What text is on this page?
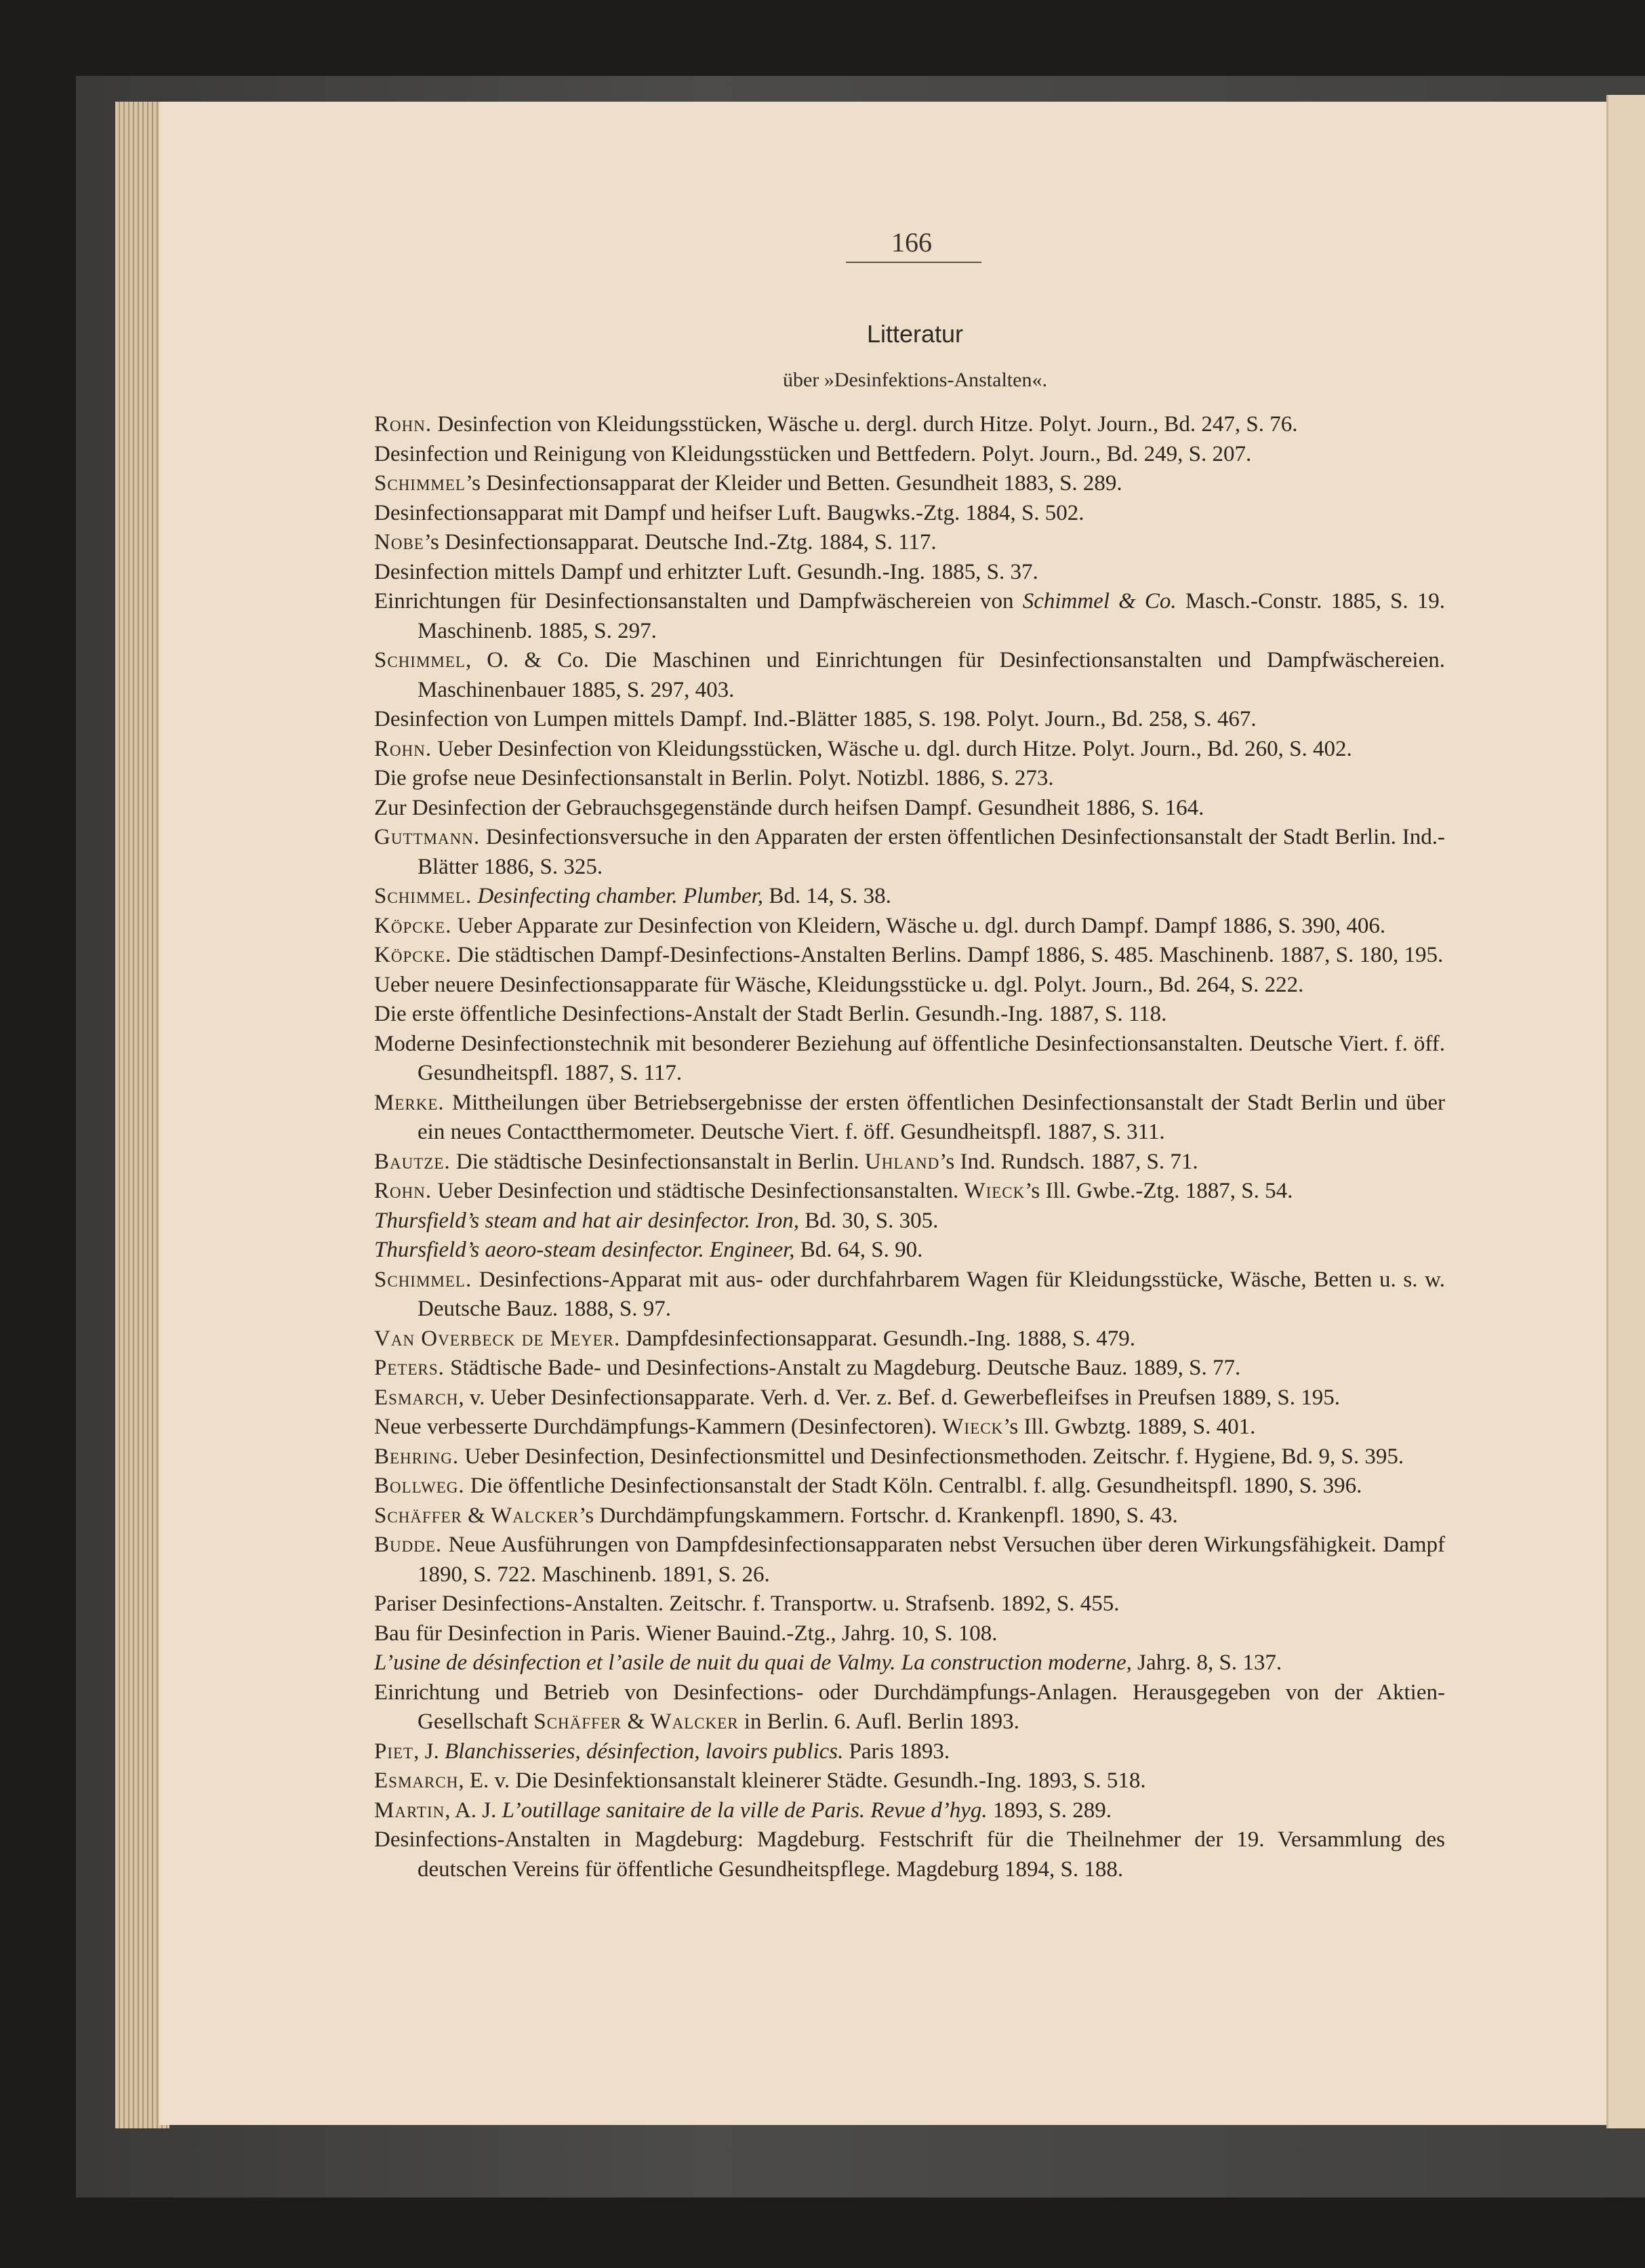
166
Litteratur
über »Desinfektions-Anstalten«.

Rohn. Desinfection von Kleidungsstücken, Wäsche u. dergl. durch Hitze. Polyt. Journ., Bd. 247, S. 76.

Desinfection und Reinigung von Kleidungsstücken und Bettfedern. Polyt. Journ., Bd. 249, S. 207.

Schimmel’s Desinfectionsapparat der Kleider und Betten. Gesundheit 1883, S. 289.

Desinfectionsapparat mit Dampf und heifser Luft. Baugwks.-Ztg. 1884, S. 502.

Nobe’s Desinfectionsapparat. Deutsche Ind.-Ztg. 1884, S. 117.

Desinfection mittels Dampf und erhitzter Luft. Gesundh.-Ing. 1885, S. 37.

Einrichtungen für Desinfectionsanstalten und Dampfwäschereien von Schimmel & Co. Masch.-Constr. 1885, S. 19. Maschinenb. 1885, S. 297.

Schimmel, O. & Co. Die Maschinen und Einrichtungen für Desinfectionsanstalten und Dampfwäschereien. Maschinenbauer 1885, S. 297, 403.

Desinfection von Lumpen mittels Dampf. Ind.-Blätter 1885, S. 198. Polyt. Journ., Bd. 258, S. 467.

Rohn. Ueber Desinfection von Kleidungsstücken, Wäsche u. dgl. durch Hitze. Polyt. Journ., Bd. 260, S. 402.

Die grofse neue Desinfectionsanstalt in Berlin. Polyt. Notizbl. 1886, S. 273.

Zur Desinfection der Gebrauchsgegenstände durch heifsen Dampf. Gesundheit 1886, S. 164.

Guttmann. Desinfectionsversuche in den Apparaten der ersten öffentlichen Desinfectionsanstalt der Stadt Berlin. Ind.-Blätter 1886, S. 325.

Schimmel. Desinfecting chamber. Plumber, Bd. 14, S. 38.

Köpcke. Ueber Apparate zur Desinfection von Kleidern, Wäsche u. dgl. durch Dampf. Dampf 1886, S. 390, 406.

Köpcke. Die städtischen Dampf-Desinfections-Anstalten Berlins. Dampf 1886, S. 485. Maschinenb. 1887, S. 180, 195.

Ueber neuere Desinfectionsapparate für Wäsche, Kleidungsstücke u. dgl. Polyt. Journ., Bd. 264, S. 222.

Die erste öffentliche Desinfections-Anstalt der Stadt Berlin. Gesundh.-Ing. 1887, S. 118.

Moderne Desinfectionstechnik mit besonderer Beziehung auf öffentliche Desinfectionsanstalten. Deutsche Viert. f. öff. Gesundheitspfl. 1887, S. 117.

Merke. Mittheilungen über Betriebsergebnisse der ersten öffentlichen Desinfectionsanstalt der Stadt Berlin und über ein neues Contactthermometer. Deutsche Viert. f. öff. Gesundheitspfl. 1887, S. 311.

Bautze. Die städtische Desinfectionsanstalt in Berlin. Uhland’s Ind. Rundsch. 1887, S. 71.

Rohn. Ueber Desinfection und städtische Desinfectionsanstalten. Wieck’s Ill. Gwbe.-Ztg. 1887, S. 54.

Thursfield’s steam and hat air desinfector. Iron, Bd. 30, S. 305.

Thursfield’s aeoro-steam desinfector. Engineer, Bd. 64, S. 90.

Schimmel. Desinfections-Apparat mit aus- oder durchfahrbarem Wagen für Kleidungsstücke, Wäsche, Betten u. s. w. Deutsche Bauz. 1888, S. 97.

Van Overbeck de Meyer. Dampfdesinfectionsapparat. Gesundh.-Ing. 1888, S. 479.

Peters. Städtische Bade- und Desinfections-Anstalt zu Magdeburg. Deutsche Bauz. 1889, S. 77.

Esmarch, v. Ueber Desinfectionsapparate. Verh. d. Ver. z. Bef. d. Gewerbefleifses in Preufsen 1889, S. 195.

Neue verbesserte Durchdämpfungs-Kammern (Desinfectoren). Wieck’s Ill. Gwbztg. 1889, S. 401.

Behring. Ueber Desinfection, Desinfectionsmittel und Desinfectionsmethoden. Zeitschr. f. Hygiene, Bd. 9, S. 395.

Bollweg. Die öffentliche Desinfectionsanstalt der Stadt Köln. Centralbl. f. allg. Gesundheitspfl. 1890, S. 396.

Schäffer & Walcker’s Durchdämpfungskammern. Fortschr. d. Krankenpfl. 1890, S. 43.

Budde. Neue Ausführungen von Dampfdesinfectionsapparaten nebst Versuchen über deren Wirkungsfähigkeit. Dampf 1890, S. 722. Maschinenb. 1891, S. 26.

Pariser Desinfections-Anstalten. Zeitschr. f. Transportw. u. Strafsenb. 1892, S. 455.

Bau für Desinfection in Paris. Wiener Bauind.-Ztg., Jahrg. 10, S. 108.

L’usine de désinfection et l’asile de nuit du quai de Valmy. La construction moderne, Jahrg. 8, S. 137.

Einrichtung und Betrieb von Desinfections- oder Durchdämpfungs-Anlagen. Herausgegeben von der Aktien-Gesellschaft Schäffer & Walcker in Berlin. 6. Aufl. Berlin 1893.

Piet, J. Blanchisseries, désinfection, lavoirs publics. Paris 1893.

Esmarch, E. v. Die Desinfektionsanstalt kleinerer Städte. Gesundh.-Ing. 1893, S. 518.

Martin, A. J. L’outillage sanitaire de la ville de Paris. Revue d’hyg. 1893, S. 289.

Desinfections-Anstalten in Magdeburg: Magdeburg. Festschrift für die Theilnehmer der 19. Versammlung des deutschen Vereins für öffentliche Gesundheitspflege. Magdeburg 1894, S. 188.
